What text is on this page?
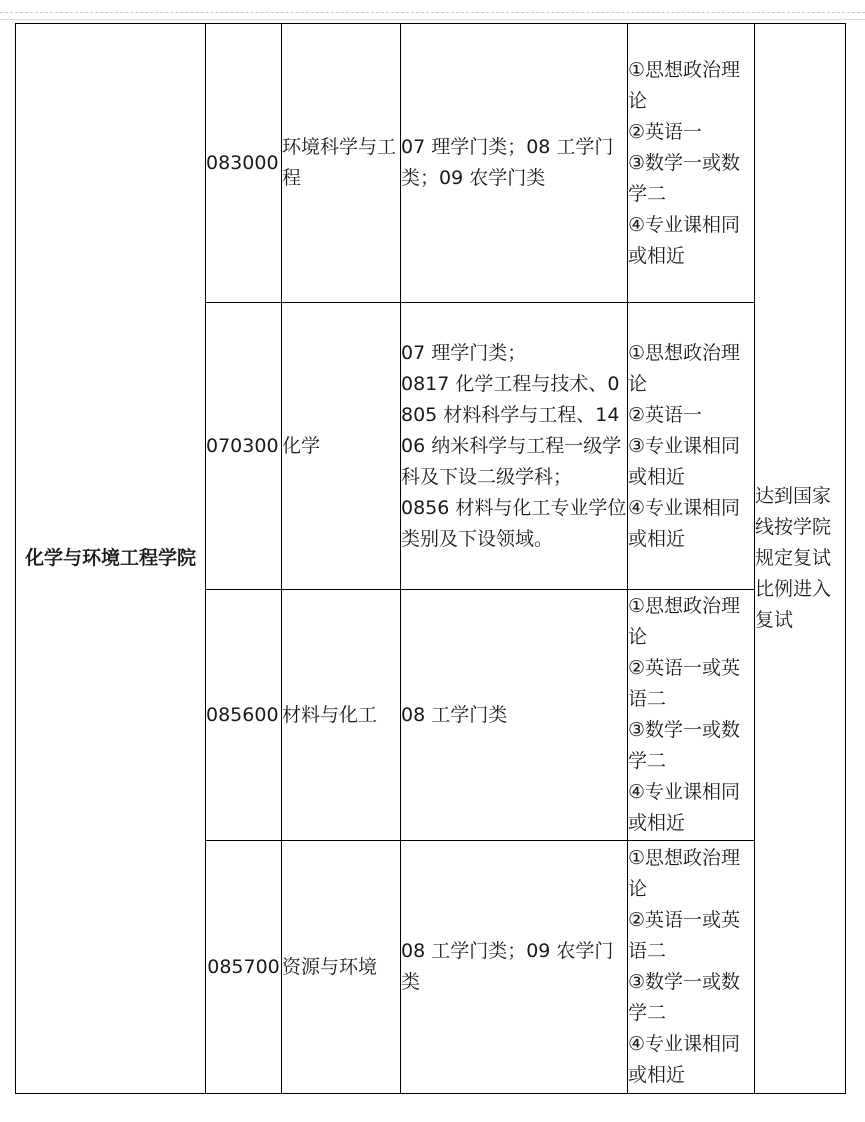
化学与环境工程学院	083000	环境科学与工程	07 理学门类；08 工学门类；09 农学门类	①思想政治理论
②英语一
③数学一或数学二
④专业课相同或相近	达到国家线按学院规定复试比例进入复试
	070300	化学	07 理学门类；
0817 化学工程与技术、0805 材料科学与工程、1406 纳米科学与工程一级学科及下设二级学科；
0856 材料与化工专业学位类别及下设领域。	①思想政治理论
②英语一
③专业课相同或相近
④专业课相同或相近	

	085600	材料与化工	08 工学门类	①思想政治理论
②英语一或英语二
③数学一或数学二
④专业课相同或相近	

	085700	资源与环境	08 工学门类；09 农学门类	①思想政治理论
②英语一或英语二
③数学一或数学二
④专业课相同或相近	
